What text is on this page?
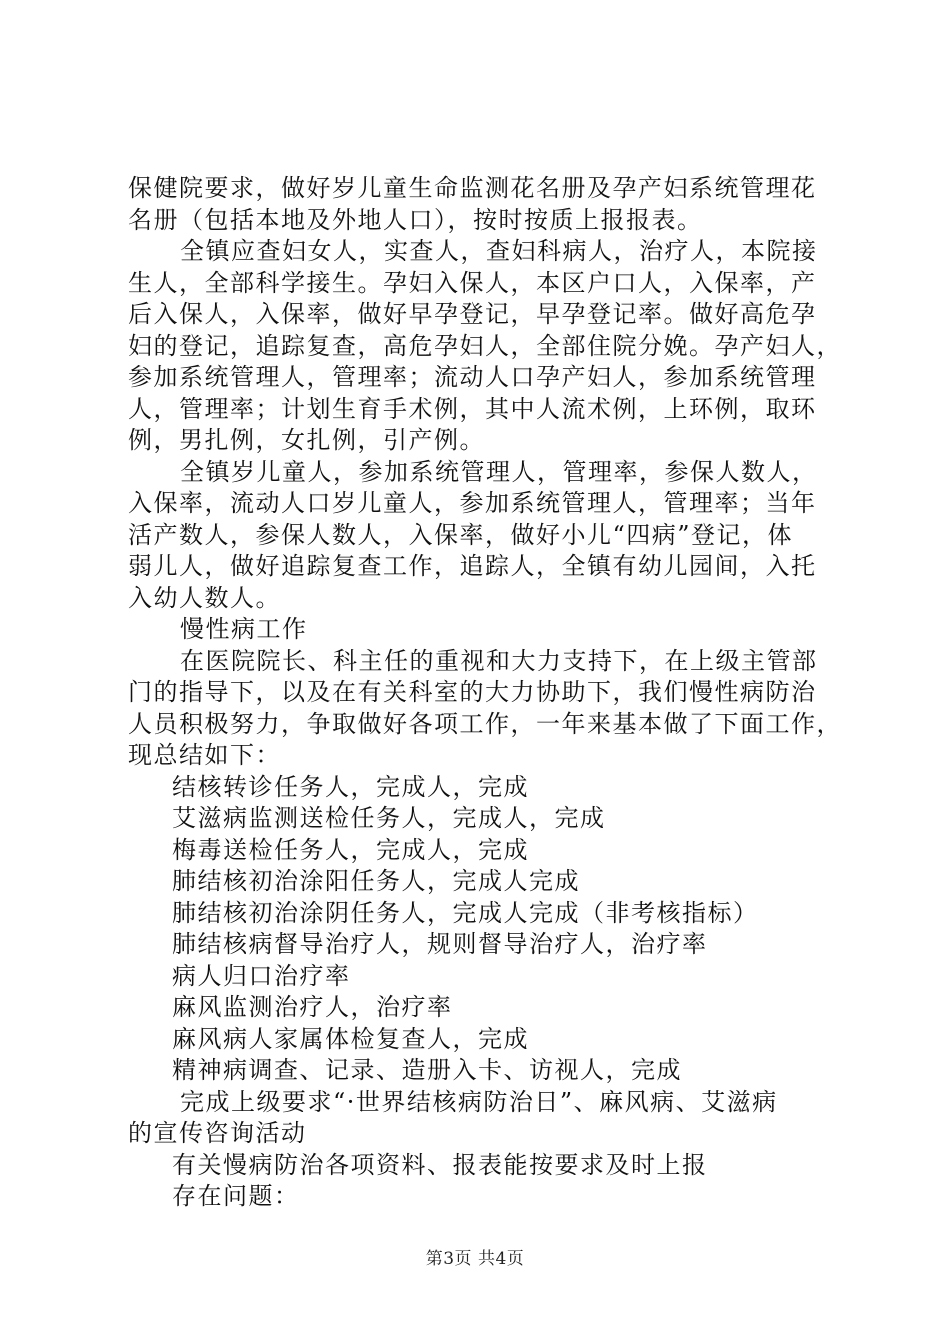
保健院要求，做好岁儿童生命监测花名册及孕产妇系统管理花
名册（包括本地及外地人口），按时按质上报报表。
全镇应查妇女人，实查人，查妇科病人，治疗人，本院接
生人，全部科学接生。孕妇入保人，本区户口人，入保率，产
后入保人，入保率，做好早孕登记，早孕登记率。做好高危孕
妇的登记，追踪复查，高危孕妇人，全部住院分娩。孕产妇人，
参加系统管理人，管理率；流动人口孕产妇人，参加系统管理
人，管理率；计划生育手术例，其中人流术例，上环例，取环
例，男扎例，女扎例，引产例。
全镇岁儿童人，参加系统管理人，管理率，参保人数人，
入保率，流动人口岁儿童人，参加系统管理人，管理率；当年
活产数人，参保人数人，入保率，做好小儿“四病”登记，体
弱儿人，做好追踪复查工作，追踪人，全镇有幼儿园间，入托
入幼人数人。
慢性病工作
在医院院长、科主任的重视和大力支持下，在上级主管部
门的指导下，以及在有关科室的大力协助下，我们慢性病防治
人员积极努力，争取做好各项工作，一年来基本做了下面工作，
现总结如下：
结核转诊任务人，完成人，完成
艾滋病监测送检任务人，完成人，完成
梅毒送检任务人，完成人，完成
肺结核初治涂阳任务人，完成人完成
肺结核初治涂阴任务人，完成人完成（非考核指标）
肺结核病督导治疗人，规则督导治疗人，治疗率
病人归口治疗率
麻风监测治疗人，治疗率
麻风病人家属体检复查人，完成
精神病调查、记录、造册入卡、访视人，完成
完成上级要求“·世界结核病防治日”、麻风病、艾滋病
的宣传咨询活动
有关慢病防治各项资料、报表能按要求及时上报
存在问题：
第3页 共4页
